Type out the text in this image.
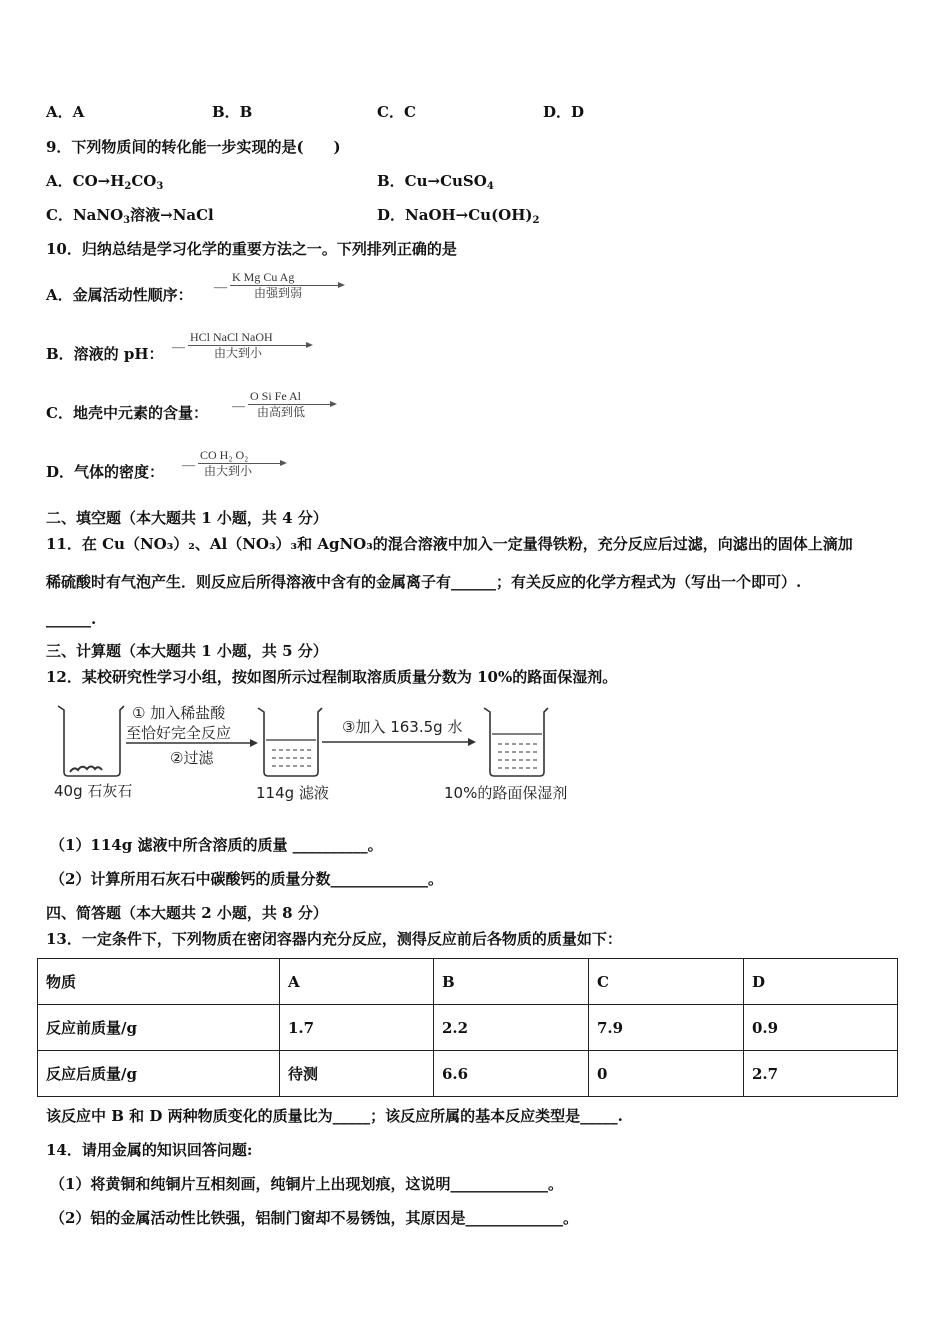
A．A	B．B	C．C	D．D
9．下列物质间的转化能一步实现的是(　　)
A．$CO\to H_2CO_3$	B．Cu→CuSO$_4$
C．NaNO$_3$溶液→NaCl	D．$NaOH\to Cu(OH)_2$
10．归纳总结是学习化学的重要方法之一。下列排列正确的是
A．金属活动性顺序： —
K Mg Cu Ag
由强到弱
B．溶液的 pH： —
HCl NaCl NaOH
由大到小
C．地壳中元素的含量： —
O Si Fe Al
由高到低
D．气体的密度： —
CO H₂ O₂
由大到小
二、填空题（本大题共 1 小题，共 4 分）
11．在 Cu（NO₃）₂、Al（NO₃）₃和 AgNO₃的混合溶液中加入一定量得铁粉，充分反应后过滤，向滤出的固体上滴加
稀硫酸时有气泡产生．则反应后所得溶液中含有的金属离子有______；有关反应的化学方程式为（写出一个即可）.
______.
三、计算题（本大题共 1 小题，共 5 分）
12．某校研究性学习小组，按如图所示过程制取溶质质量分数为 10%的路面保湿剂。
① 加入稀盐酸
至恰好完全反应
②过滤
③加入 163.5g 水
40g 石灰石	114g 滤液	10%的路面保湿剂
（1）114g 滤液中所含溶质的质量 __________。
（2）计算所用石灰石中碳酸钙的质量分数_____________。
四、简答题（本大题共 2 小题，共 8 分）
13．一定条件下，下列物质在密闭容器内充分反应，测得反应前后各物质的质量如下：
物质	A	B	C	D
反应前质量/g	1.7	2.2	7.9	0.9
反应后质量/g	待测	6.6	0	2.7
该反应中 B 和 D 两种物质变化的质量比为_____；该反应所属的基本反应类型是_____.
14．请用金属的知识回答问题:
（1）将黄铜和纯铜片互相刻画，纯铜片上出现划痕，这说明_____________。
（2）铝的金属活动性比铁强，铝制门窗却不易锈蚀，其原因是_____________。
